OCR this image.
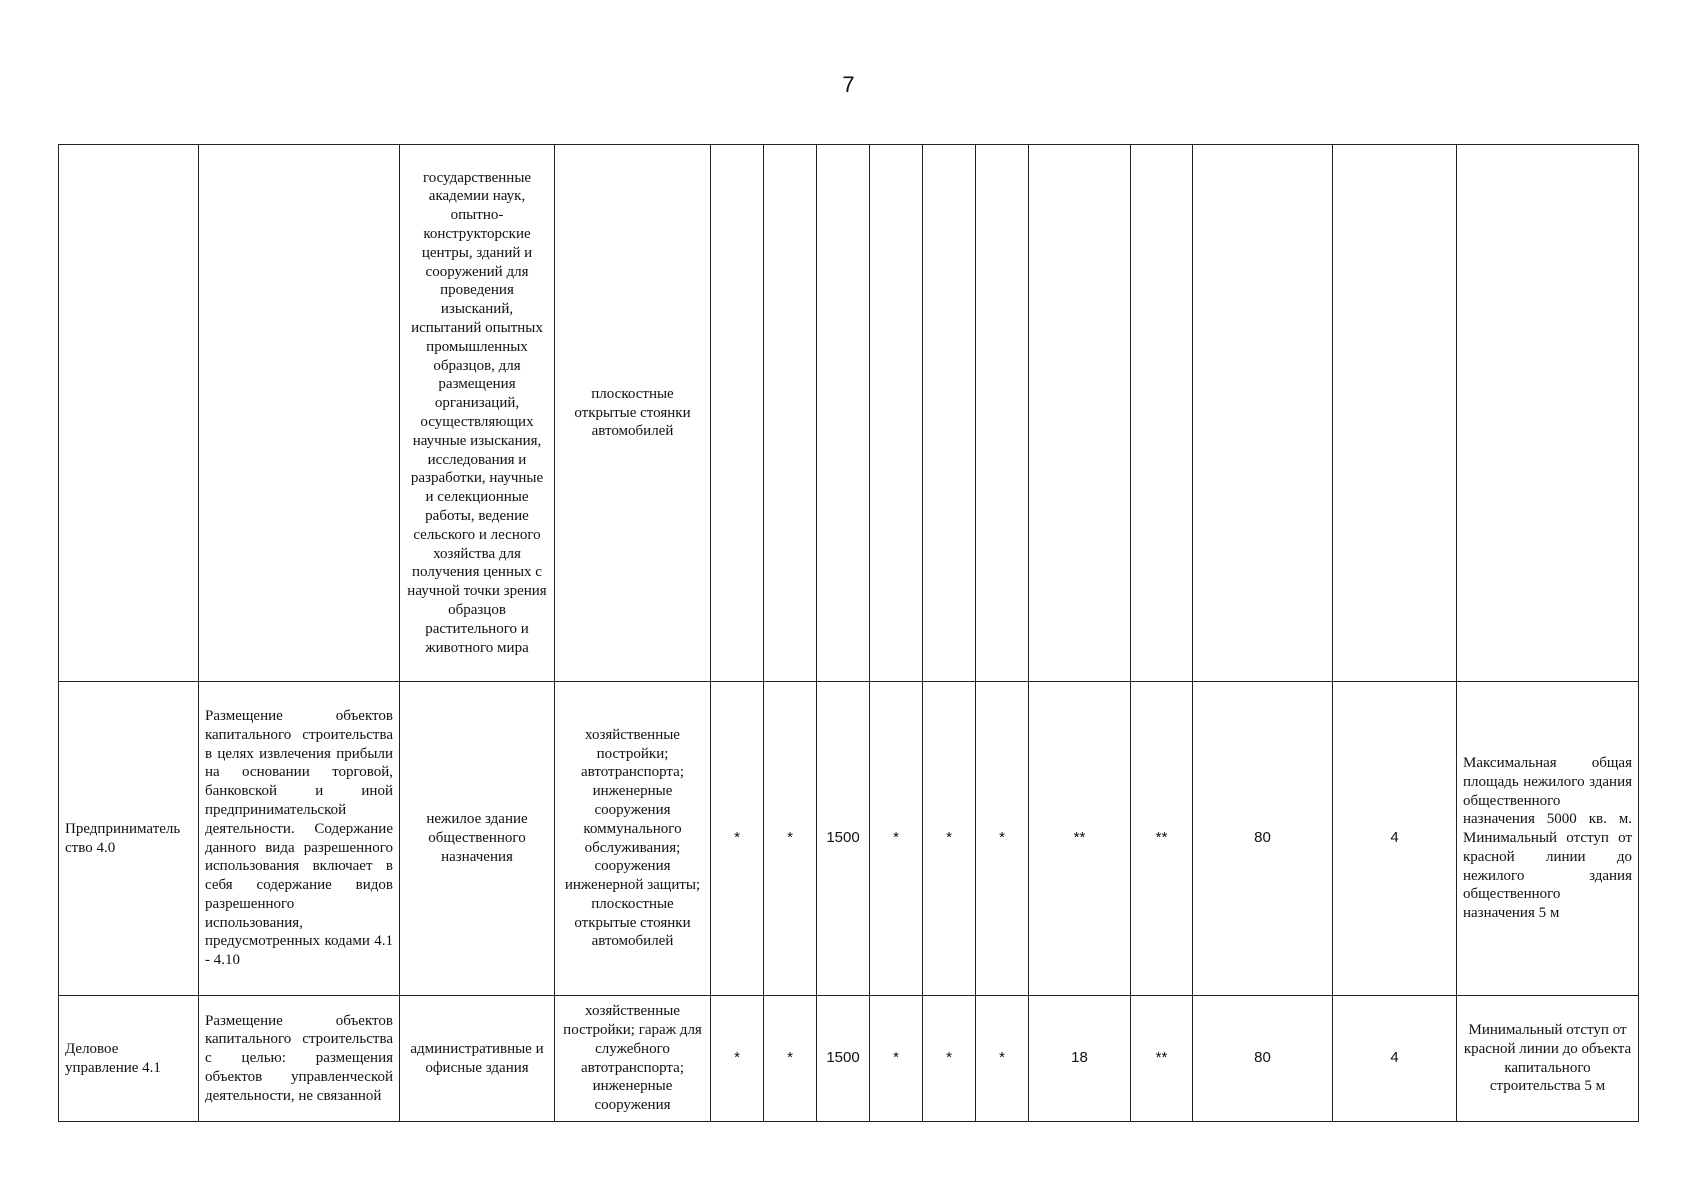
7
		государственные академии наук, опытно-конструкторские центры, зданий и сооружений для проведения изысканий, испытаний опытных промышленных образцов, для размещения организаций, осуществляющих научные изыскания, исследования и разработки, научные и селекционные работы, ведение сельского и лесного хозяйства для получения ценных с научной точки зрения образцов растительного и животного мира	плоскостные открытые стоянки автомобилей											
Предприниматель ство 4.0	Размещение объектов капитального строительства в целях извлечения прибыли на основании торговой, банковской и иной предпринимательской деятельности. Содержание данного вида разрешенного использования включает в себя содержание видов разрешенного использования, предусмотренных кодами 4.1 - 4.10	нежилое здание общественного назначения	хозяйственные постройки; автотранспорта; инженерные сооружения коммунального обслуживания; сооружения инженерной защиты; плоскостные открытые стоянки автомобилей	*	*	1500	*	*	*	**	**	80	4	Максимальная общая площадь нежилого здания общественного назначения 5000 кв. м. Минимальный отступ от красной линии до нежилого здания общественного назначения 5 м
Деловое управление 4.1	Размещение объектов капитального строительства с целью: размещения объектов управленческой деятельности, не связанной	административные и офисные здания	хозяйственные постройки; гараж для служебного автотранспорта; инженерные сооружения	*	*	1500	*	*	*	18	**	80	4	Минимальный отступ от красной линии до объекта капитального строительства 5 м
